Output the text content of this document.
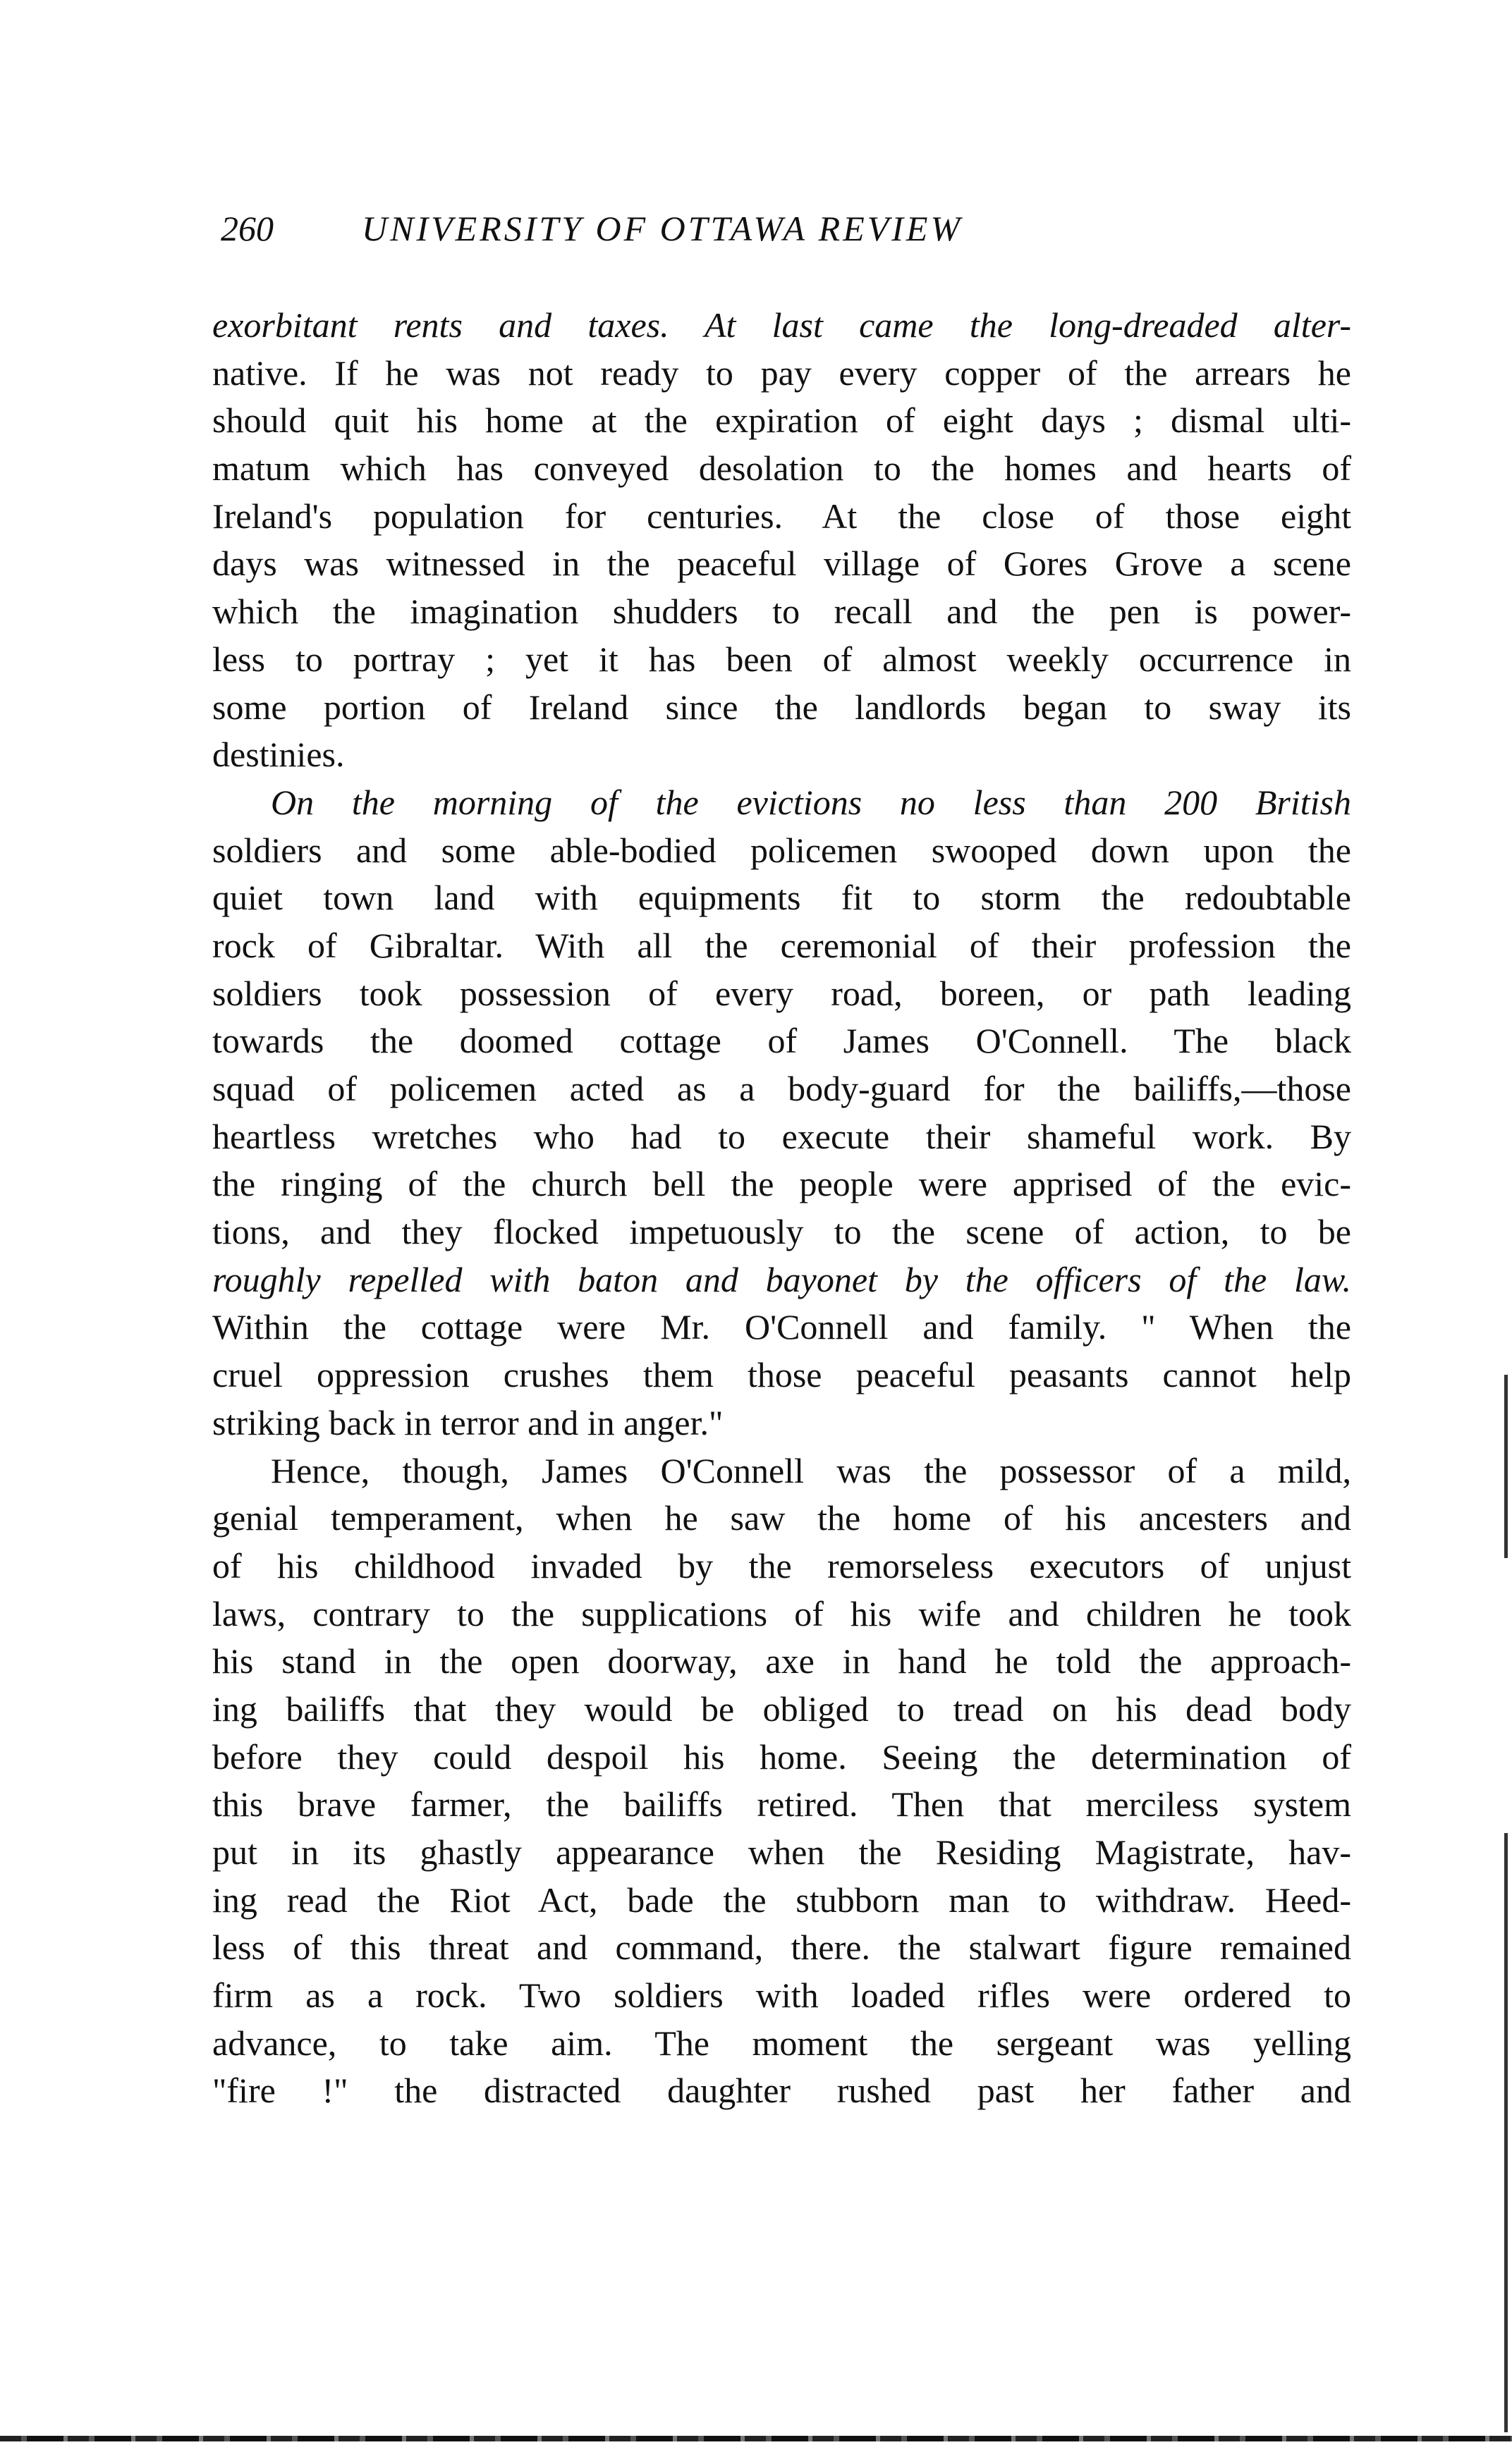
260	UNIVERSITY OF OTTAWA REVIEW
exorbitant rents and taxes. At last came the long-dreaded alter-
native. If he was not ready to pay every copper of the arrears he
should quit his home at the expiration of eight days ; dismal ulti-
matum which has conveyed desolation to the homes and hearts of
Ireland's population for centuries. At the close of those eight
days was witnessed in the peaceful village of Gores Grove a scene
which the imagination shudders to recall and the pen is power-
less to portray ; yet it has been of almost weekly occurrence in
some portion of Ireland since the landlords began to sway its
destinies.
On the morning of the evictions no less than 200 British
soldiers and some able-bodied policemen swooped down upon the
quiet town land with equipments fit to storm the redoubtable
rock of Gibraltar. With all the ceremonial of their profession the
soldiers took possession of every road, boreen, or path leading
towards the doomed cottage of James O'Connell. The black
squad of policemen acted as a body-guard for the bailiffs,—those
heartless wretches who had to execute their shameful work. By
the ringing of the church bell the people were apprised of the evic-
tions, and they flocked impetuously to the scene of action, to be
roughly repelled with baton and bayonet by the officers of the law.
Within the cottage were Mr. O'Connell and family. " When the
cruel oppression crushes them those peaceful peasants cannot help
striking back in terror and in anger."
Hence, though, James O'Connell was the possessor of a mild,
genial temperament, when he saw the home of his ancesters and
of his childhood invaded by the remorseless executors of unjust
laws, contrary to the supplications of his wife and children he took
his stand in the open doorway, axe in hand he told the approach-
ing bailiffs that they would be obliged to tread on his dead body
before they could despoil his home. Seeing the determination of
this brave farmer, the bailiffs retired. Then that merciless system
put in its ghastly appearance when the Residing Magistrate, hav-
ing read the Riot Act, bade the stubborn man to withdraw. Heed-
less of this threat and command, there. the stalwart figure remained
firm as a rock. Two soldiers with loaded rifles were ordered to
advance, to take aim. The moment the sergeant was yelling
"fire !" the distracted daughter rushed past her father and
